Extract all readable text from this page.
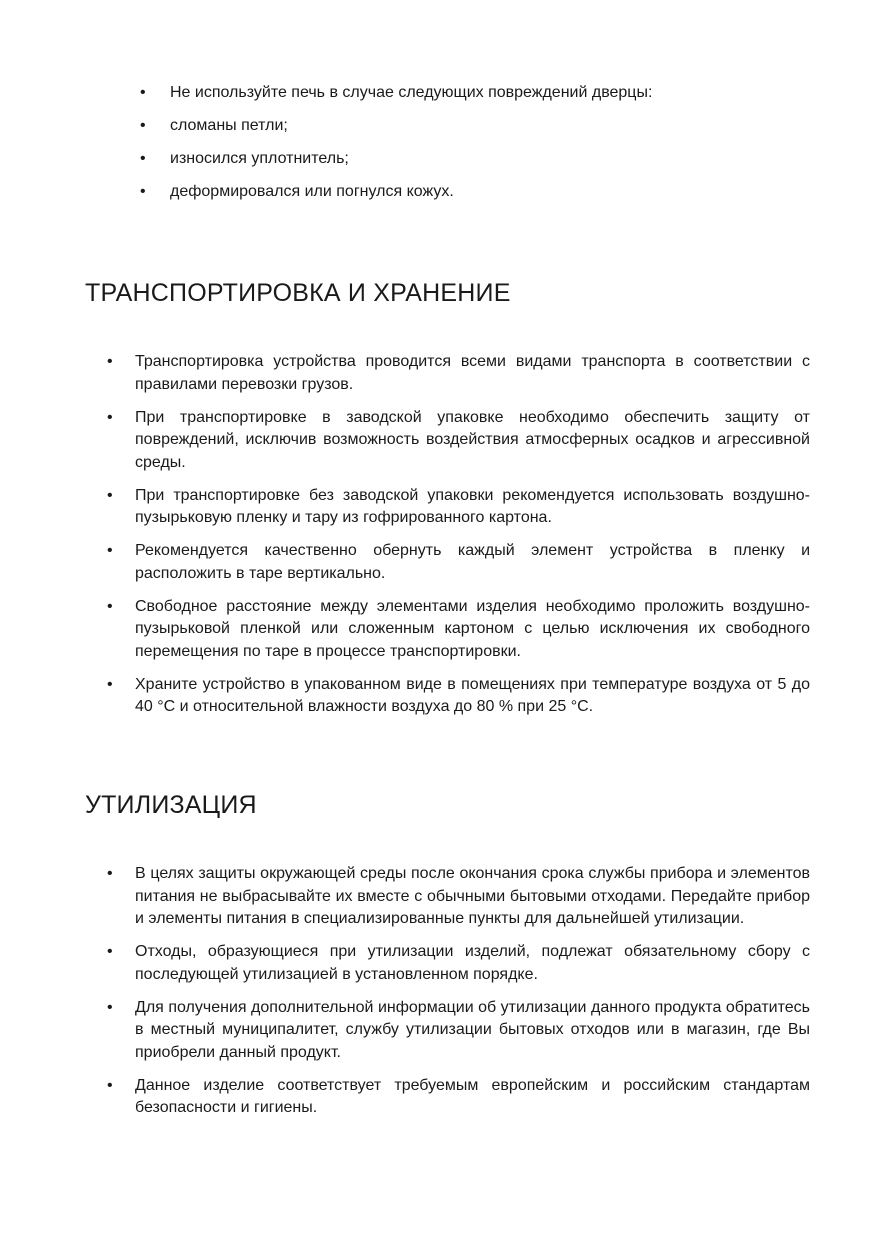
•	Не используйте печь в случае следующих повреждений дверцы:
•	сломаны петли;
•	износился уплотнитель;
•	деформировался или погнулся кожух.
ТРАНСПОРТИРОВКА И ХРАНЕНИЕ
•	Транспортировка устройства проводится всеми видами транспорта в соответствии с правилами перевозки грузов.
•	При транспортировке в заводской упаковке необходимо обеспечить защиту от повреждений, исключив возможность воздействия атмосферных осадков и агрессивной среды.
•	При транспортировке без заводской упаковки рекомендуется использовать воздушно-пузырьковую пленку и тару из гофрированного картона.
•	Рекомендуется качественно обернуть каждый элемент устройства в пленку и расположить в таре вертикально.
•	Свободное расстояние между элементами изделия необходимо проложить воздушно-пузырьковой пленкой или сложенным картоном с целью исключения их свободного перемещения по таре в процессе транспортировки.
•	Храните устройство в упакованном виде в помещениях при температуре воздуха от 5 до 40 °С и относительной влажности воздуха до 80 % при 25 °С.
УТИЛИЗАЦИЯ
•	В целях защиты окружающей среды после окончания срока службы прибора и элементов питания не выбрасывайте их вместе с обычными бытовыми отходами. Передайте прибор и элементы питания в специализированные пункты для дальнейшей утилизации.
•	Отходы, образующиеся при утилизации изделий, подлежат обязательному сбору с последующей утилизацией в установленном порядке.
•	Для получения дополнительной информации об утилизации данного продукта обратитесь в местный муниципалитет, службу утилизации бытовых отходов или в магазин, где Вы приобрели данный продукт.
•	Данное изделие соответствует требуемым европейским и российским стандартам безопасности и гигиены.
